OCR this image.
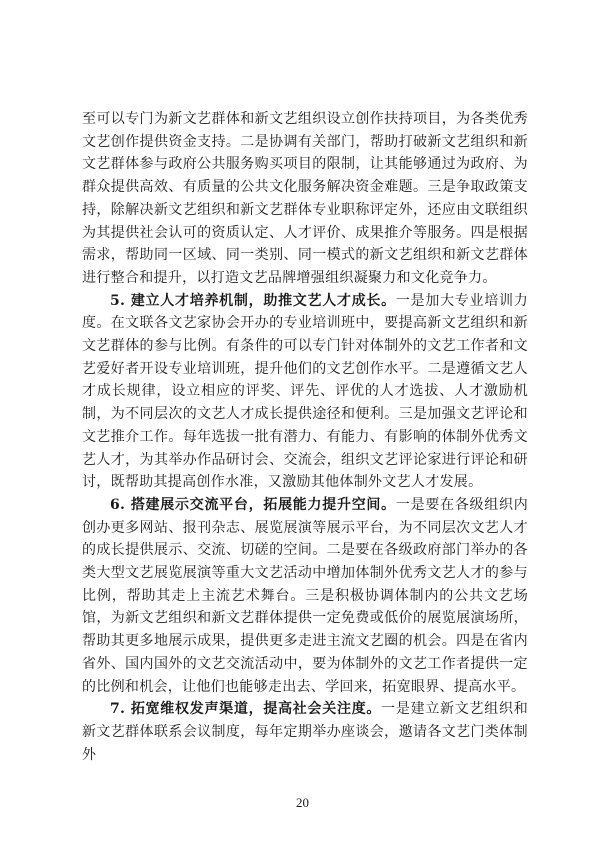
至可以专门为新文艺群体和新文艺组织设立创作扶持项目，为各类优秀文艺创作提供资金支持。二是协调有关部门，帮助打破新文艺组织和新文艺群体参与政府公共服务购买项目的限制，让其能够通过为政府、为群众提供高效、有质量的公共文化服务解决资金难题。三是争取政策支持，除解决新文艺组织和新文艺群体专业职称评定外，还应由文联组织为其提供社会认可的资质认定、人才评价、成果推介等服务。四是根据需求，帮助同一区域、同一类别、同一模式的新文艺组织和新文艺群体进行整合和提升，以打造文艺品牌增强组织凝聚力和文化竞争力。

5. 建立人才培养机制，助推文艺人才成长。一是加大专业培训力度。在文联各文艺家协会开办的专业培训班中，要提高新文艺组织和新文艺群体的参与比例。有条件的可以专门针对体制外的文艺工作者和文艺爱好者开设专业培训班，提升他们的文艺创作水平。二是遵循文艺人才成长规律，设立相应的评奖、评先、评优的人才选拔、人才激励机制，为不同层次的文艺人才成长提供途径和便利。三是加强文艺评论和文艺推介工作。每年选拔一批有潜力、有能力、有影响的体制外优秀文艺人才，为其举办作品研讨会、交流会，组织文艺评论家进行评论和研讨，既帮助其提高创作水准，又激励其他体制外文艺人才发展。

6. 搭建展示交流平台，拓展能力提升空间。一是要在各级组织内创办更多网站、报刊杂志、展览展演等展示平台，为不同层次文艺人才的成长提供展示、交流、切磋的空间。二是要在各级政府部门举办的各类大型文艺展览展演等重大文艺活动中增加体制外优秀文艺人才的参与比例，帮助其走上主流艺术舞台。三是积极协调体制内的公共文艺场馆，为新文艺组织和新文艺群体提供一定免费或低价的展览展演场所，帮助其更多地展示成果，提供更多走进主流文艺圈的机会。四是在省内省外、国内国外的文艺交流活动中，要为体制外的文艺工作者提供一定的比例和机会，让他们也能够走出去、学回来，拓宽眼界、提高水平。

7. 拓宽维权发声渠道，提高社会关注度。一是建立新文艺组织和新文艺群体联系会议制度，每年定期举办座谈会，邀请各文艺门类体制外

20
